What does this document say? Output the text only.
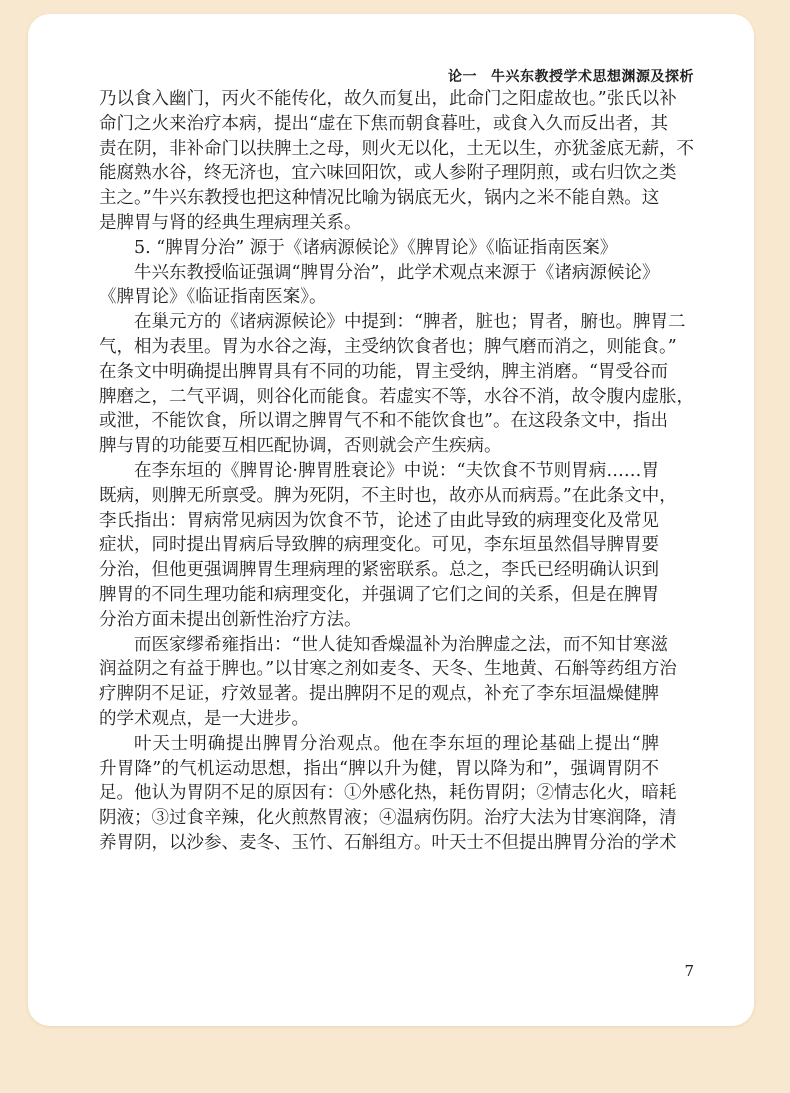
论一 牛兴东教授学术思想渊源及探析
乃以食入幽门，丙火不能传化，故久而复出，此命门之阳虚故也。”张氏以补
命门之火来治疗本病，提出“虚在下焦而朝食暮吐，或食入久而反出者，其
责在阴，非补命门以扶脾土之母，则火无以化，土无以生，亦犹釜底无薪，不
能腐熟水谷，终无济也，宜六味回阳饮，或人参附子理阴煎，或右归饮之类
主之。”牛兴东教授也把这种情况比喻为锅底无火，锅内之米不能自熟。这
是脾胃与肾的经典生理病理关系。
5. “脾胃分治” 源于《诸病源候论》《脾胃论》《临证指南医案》
牛兴东教授临证强调“脾胃分治”，此学术观点来源于《诸病源候论》
《脾胃论》《临证指南医案》。
在巢元方的《诸病源候论》中提到：“脾者，脏也；胃者，腑也。脾胃二
气，相为表里。胃为水谷之海，主受纳饮食者也；脾气磨而消之，则能食。”
在条文中明确提出脾胃具有不同的功能，胃主受纳，脾主消磨。“胃受谷而
脾磨之，二气平调，则谷化而能食。若虚实不等，水谷不消，故令腹内虚胀，
或泄，不能饮食，所以谓之脾胃气不和不能饮食也”。在这段条文中，指出
脾与胃的功能要互相匹配协调，否则就会产生疾病。
在李东垣的《脾胃论·脾胃胜衰论》中说：“夫饮食不节则胃病……胃
既病，则脾无所禀受。脾为死阴，不主时也，故亦从而病焉。”在此条文中，
李氏指出：胃病常见病因为饮食不节，论述了由此导致的病理变化及常见
症状，同时提出胃病后导致脾的病理变化。可见，李东垣虽然倡导脾胃要
分治，但他更强调脾胃生理病理的紧密联系。总之，李氏已经明确认识到
脾胃的不同生理功能和病理变化，并强调了它们之间的关系，但是在脾胃
分治方面未提出创新性治疗方法。
而医家缪希雍指出：“世人徒知香燥温补为治脾虚之法，而不知甘寒滋
润益阴之有益于脾也。”以甘寒之剂如麦冬、天冬、生地黄、石斛等药组方治
疗脾阴不足证，疗效显著。提出脾阴不足的观点，补充了李东垣温燥健脾
的学术观点，是一大进步。
叶天士明确提出脾胃分治观点。他在李东垣的理论基础上提出“脾
升胃降”的气机运动思想，指出“脾以升为健，胃以降为和”，强调胃阴不
足。他认为胃阴不足的原因有：①外感化热，耗伤胃阴；②情志化火，暗耗
阴液；③过食辛辣，化火煎熬胃液；④温病伤阴。治疗大法为甘寒润降，清
养胃阴，以沙参、麦冬、玉竹、石斛组方。叶天士不但提出脾胃分治的学术
7
